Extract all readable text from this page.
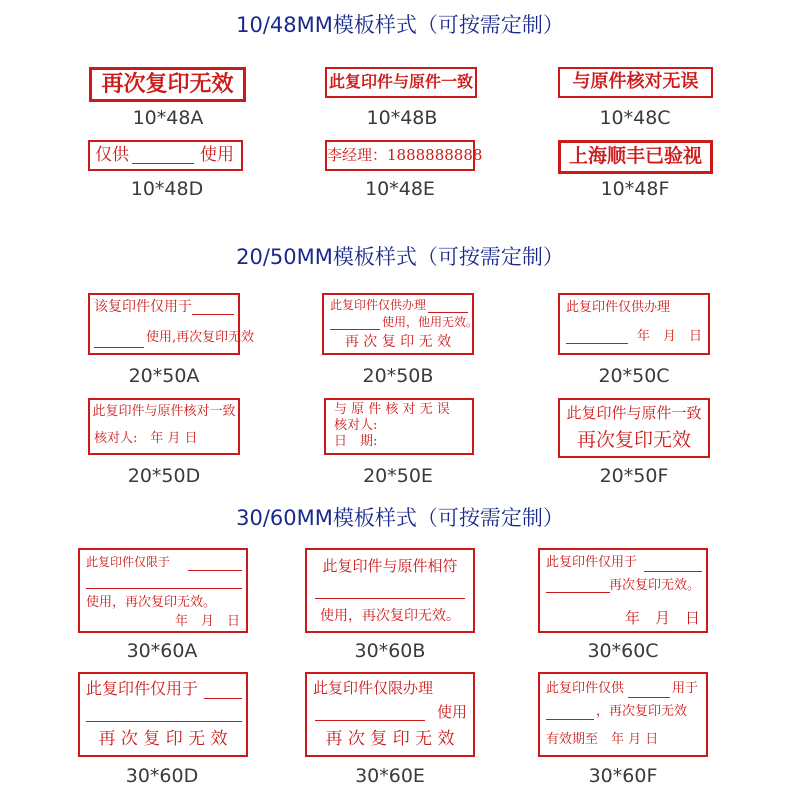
10/48MM模板样式（可按需定制）
再次复印无效
10*48A
此复印件与原件一致
10*48B
与原件核对无误
10*48C
仅供	使用
10*48D
李经理：1888888888
10*48E
上海顺丰已验视
10*48F
20/50MM模板样式（可按需定制）
该复印件仅用于
使用,再次复印无效
20*50A
此复印件仅供办理
使用，他用无效。
再 次 复 印 无 效
20*50B
此复印件仅供办理
年　月　日
20*50C
此复印件与原件核对一致
核对人:　年 月 日
20*50D
与 原 件 核 对 无 误
核对人:
日　期:
20*50E
此复印件与原件一致
再次复印无效
20*50F
30/60MM模板样式（可按需定制）
此复印件仅限于
使用，再次复印无效。
年　月　日
30*60A
此复印件与原件相符
使用，再次复印无效。
30*60B
此复印件仅用于
再次复印无效。
年　月　日
30*60C
此复印件仅用于
再 次 复 印 无 效
30*60D
此复印件仅限办理
使用
再 次 复 印 无 效
30*60E
此复印件仅供	用于
，再次复印无效
有效期至　年 月 日
30*60F
